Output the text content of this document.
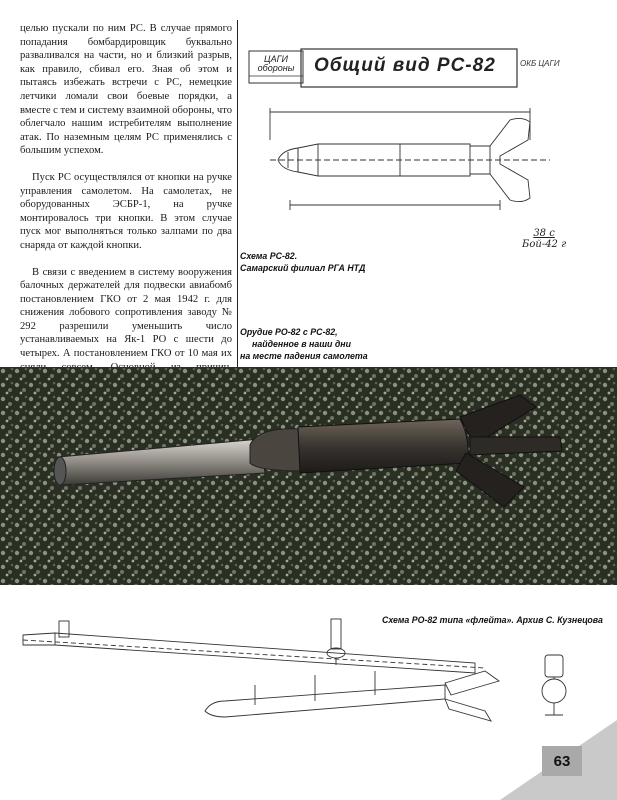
целью пускали по ним РС. В случае прямого попадания бомбардировщик буквально разваливался на части, но и близкий разрыв, как правило, сбивал его. Зная об этом и пытаясь избежать встречи с РС, немецкие летчики ломали свои боевые порядки, а вместе с тем и систему взаимной обороны, что облегчало нашим истребителям выполнение атак. По наземным целям РС применялись с большим успехом.

Пуск РС осуществлялся от кнопки на ручке управления самолетом. На самолетах, не оборудованных ЭСБР-1, на ручке монтировалось три кнопки. В этом случае пуск мог выполняться только залпами по два снаряда от каждой кнопки.

В связи с введением в систему вооружения балочных держателей для подвески авиабомб постановлением ГКО от 2 мая 1942 г. для снижения лобового сопротивления заводу № 292 разрешили уменьшить число устанавливаемых на Як-1 РО с шести до четырех. А постановлением ГКО от 10 мая их

ЦАГИ
обороны	Общий вид РС-82	ОКБ ЦАГИ
38 с
Бой-42 г
Схема РС-82.
Самарский филиал РГА НТД
Орудие РО-82 с РС-82,
найденное в наши дни
на месте падения самолета
Схема РО-82 типа «флейта». Архив С. Кузнецова
63
